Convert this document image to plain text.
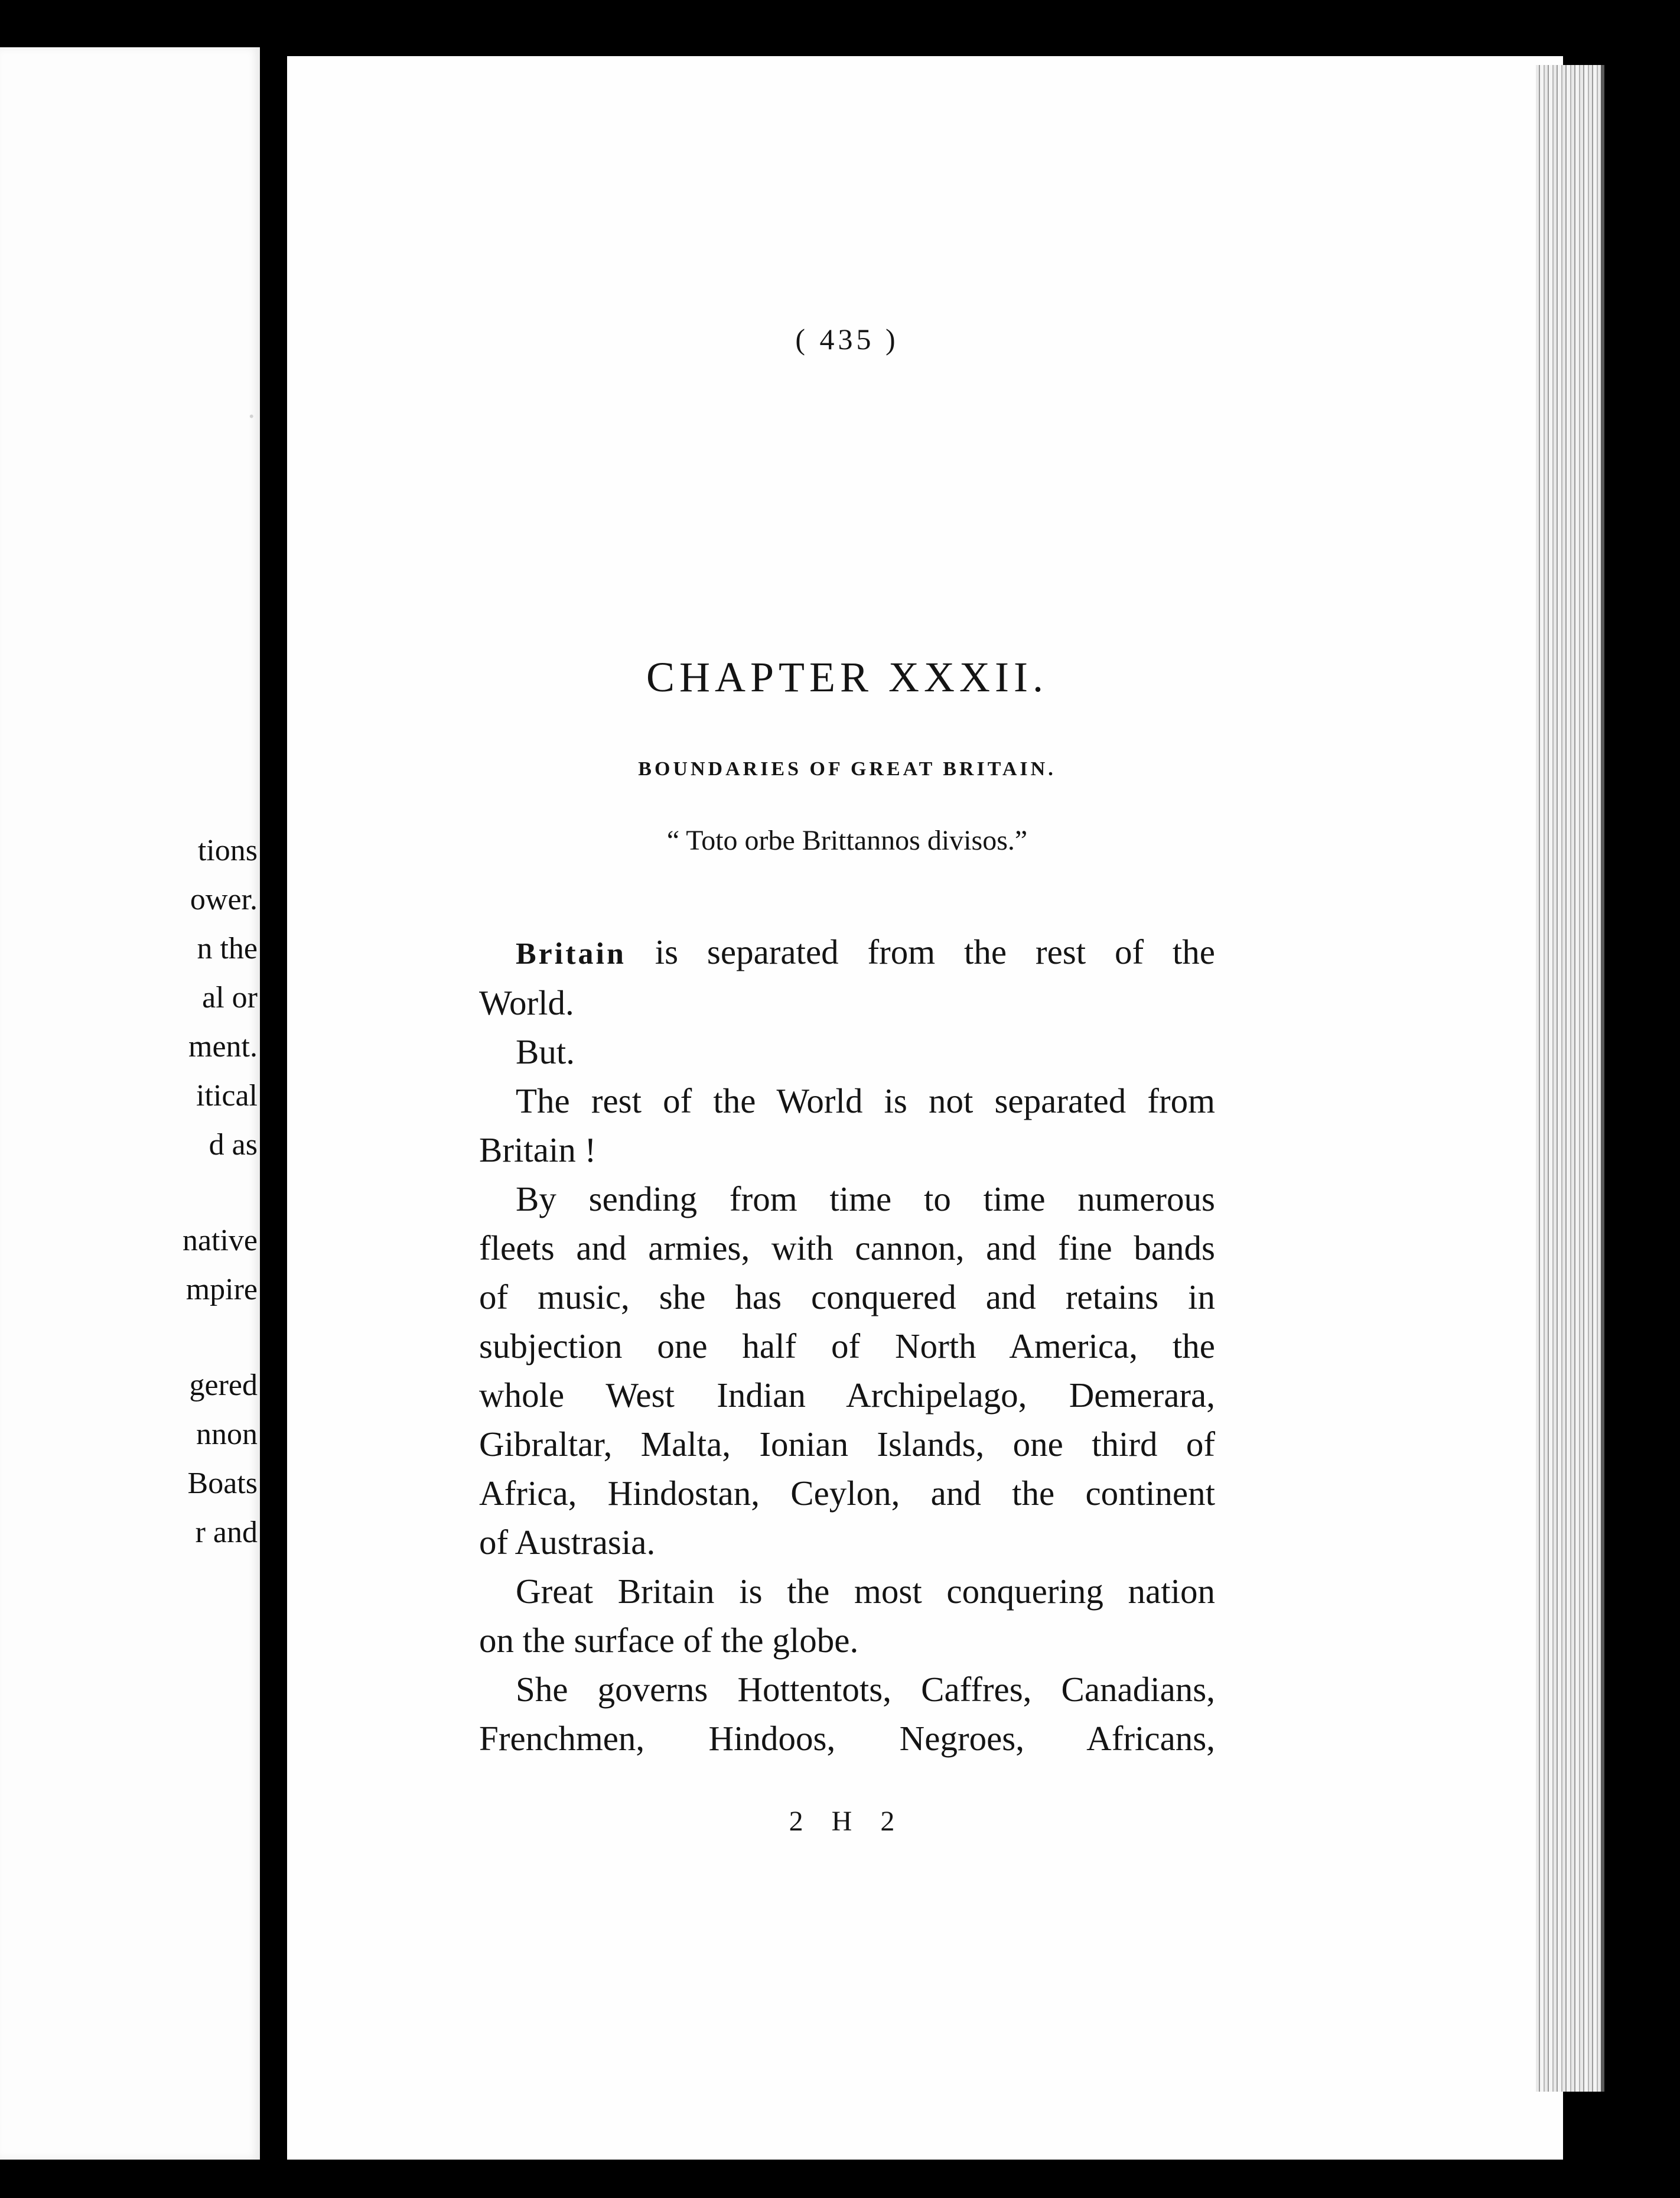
.
tions
ower.
n the
al or
ment.
itical
d as
native
mpire
gered
nnon
Boats
r and
( 435 )
CHAPTER XXXII.
BOUNDARIES OF GREAT BRITAIN.
“ Toto orbe Brittannos divisos.”

Britain is separated from the rest of the
World.

But.

The rest of the World is not separated from
Britain !

By sending from time to time numerous
fleets and armies, with cannon, and fine bands
of music, she has conquered and retains in
subjection one half of North America, the
whole West Indian Archipelago, Demerara,
Gibraltar, Malta, Ionian Islands, one third of
Africa, Hindostan, Ceylon, and the continent
of Austrasia.

Great Britain is the most conquering nation
on the surface of the globe.

She governs Hottentots, Caffres, Canadians,
Frenchmen, Hindoos, Negroes, Africans,

2 H 2
